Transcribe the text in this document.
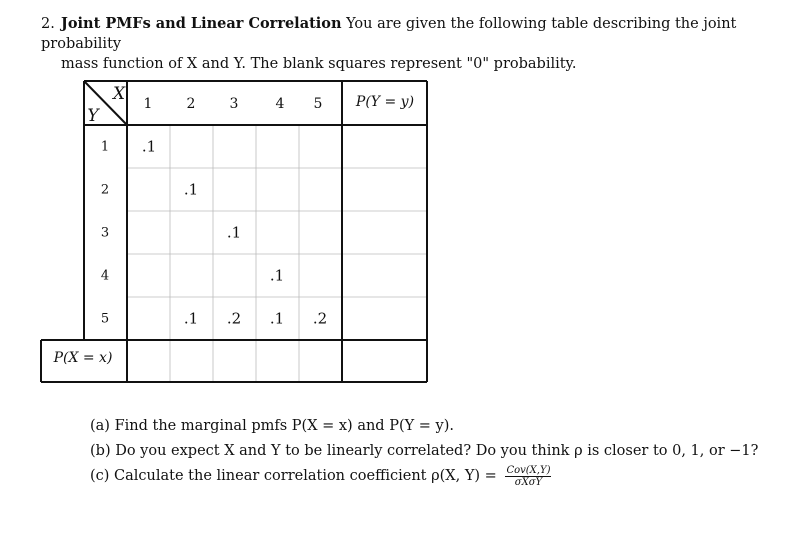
2. Joint PMFs and Linear Correlation You are given the following table describing the joint probability
mass function of X and Y. The blank squares represent "0" probability.
X
Y
1 2 3	4 5 P(Y = y)
1
2
3
4
5
P(X = x)
.1
.1
.1
.1
.1 .2 .1 .2
(a) Find the marginal pmfs P(X = x) and P(Y = y).
(b) Do you expect X and Y to be linearly correlated? Do you think ρ is closer to 0, 1, or −1?
(c) Calculate the linear correlation coefficient ρ(X, $Y) = \frac{\text{Cov(X,Y)}}{\text{σXσY}}$
